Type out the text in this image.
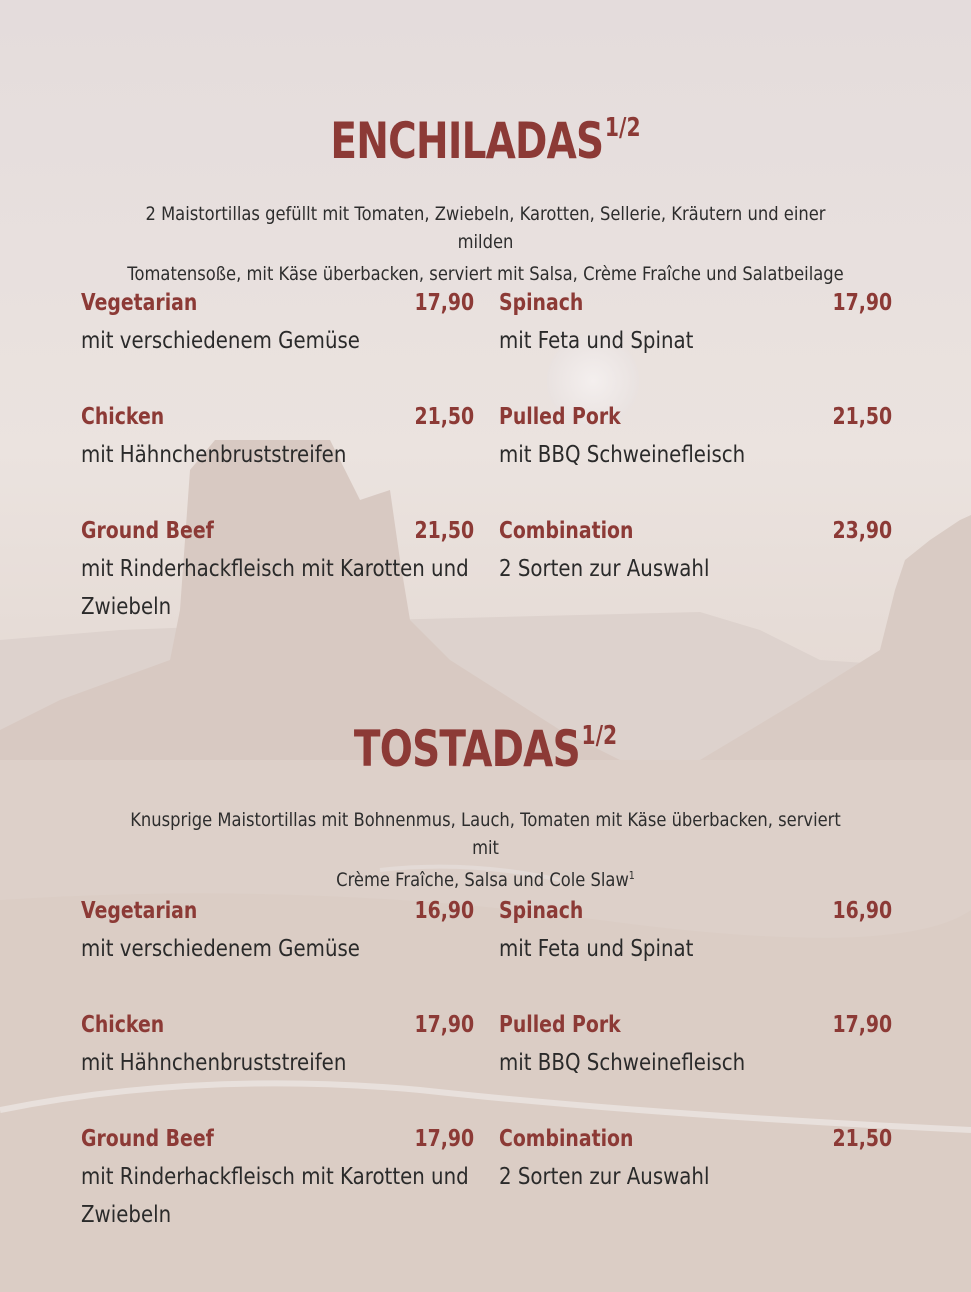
$ENCHILADAS^{1/2}$
2 Maistortillas gefüllt mit Tomaten, Zwiebeln, Karotten, Sellerie, Kräutern und einer milden
Tomatensoße, mit Käse überbacken, serviert mit Salsa, Crème Fraîche und Salatbeilage
Vegetarian	17,90
mit verschiedenem Gemüse
Spinach	17,90
mit Feta und Spinat
Chicken	21,50
mit Hähnchenbruststreifen
Pulled Pork	21,50
mit BBQ Schweinefleisch
Ground Beef	21,50
mit Rinderhackfleisch mit Karotten und Zwiebeln
Combination	23,90
2 Sorten zur Auswahl
$TOSTADAS^{1/2}$
Knusprige Maistortillas mit Bohnenmus, Lauch, Tomaten mit Käse überbacken, serviert mit
Crème Fraîche, Salsa und Cole Slaw$^1$
Vegetarian	16,90
mit verschiedenem Gemüse
Spinach	16,90
mit Feta und Spinat
Chicken	17,90
mit Hähnchenbruststreifen
Pulled Pork	17,90
mit BBQ Schweinefleisch
Ground Beef	17,90
mit Rinderhackfleisch mit Karotten und Zwiebeln
Combination	21,50
2 Sorten zur Auswahl
